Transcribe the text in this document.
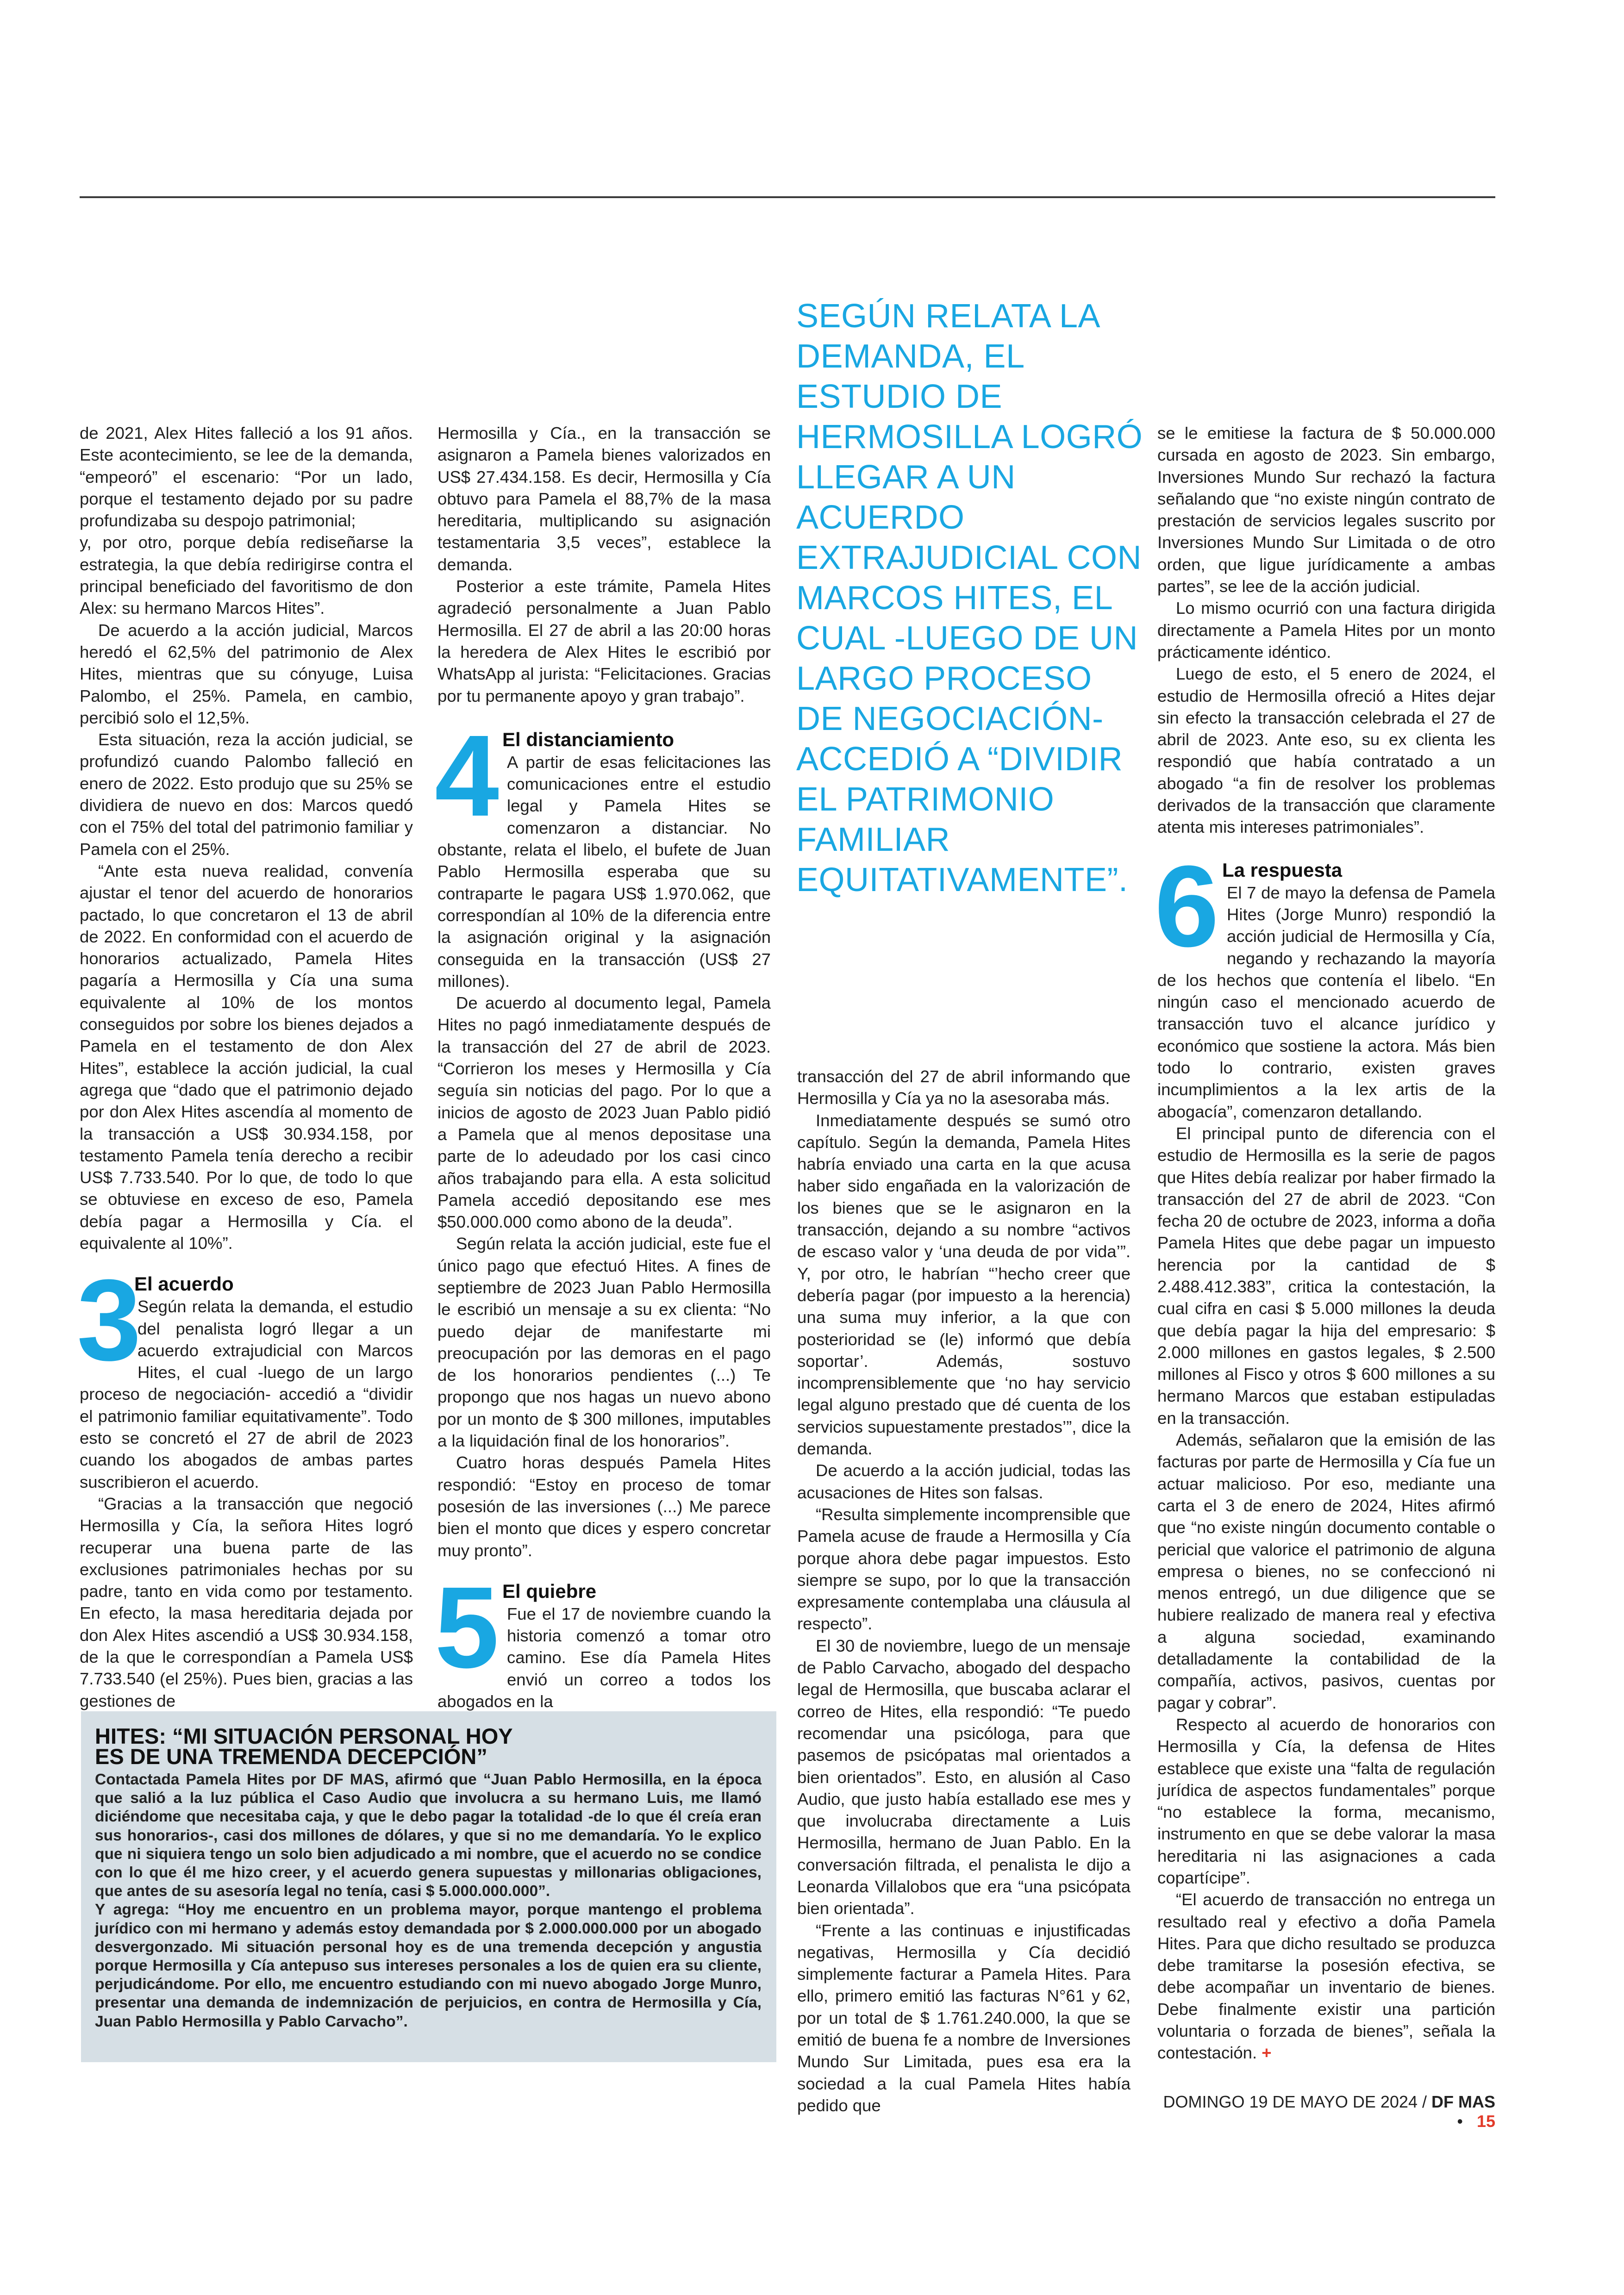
de 2021, Alex Hites falleció a los 91 años. Este acontecimiento, se lee de la demanda, “empeoró” el escenario: “Por un lado, porque el testamento dejado por su padre profundizaba su despojo patrimonial;

y, por otro, porque debía rediseñarse la estrategia, la que debía redirigirse contra el principal beneficiado del favoritismo de don Alex: su hermano Marcos Hites”.

De acuerdo a la acción judicial, Marcos heredó el 62,5% del patrimonio de Alex Hites, mientras que su cónyuge, Luisa Palombo, el 25%. Pamela, en cambio, percibió solo el 12,5%.

Esta situación, reza la acción judicial, se profundizó cuando Palombo falleció en enero de 2022. Esto produjo que su 25% se dividiera de nuevo en dos: Marcos quedó con el 75% del total del patrimonio familiar y Pamela con el 25%.

“Ante esta nueva realidad, convenía ajustar el tenor del acuerdo de honorarios pactado, lo que concretaron el 13 de abril de 2022. En conformidad con el acuerdo de honorarios actualizado, Pamela Hites pagaría a Hermosilla y Cía una suma equivalente al 10% de los montos conseguidos por sobre los bienes dejados a Pamela en el testamento de don Alex Hites”, establece la acción judicial, la cual agrega que “dado que el patrimonio dejado por don Alex Hites ascendía al momento de la transacción a US$ 30.934.158, por testamento Pamela tenía derecho a recibir US$ 7.733.540. Por lo que, de todo lo que se obtuviese en exceso de eso, Pamela debía pagar a Hermosilla y Cía. el equivalente al 10%”.

3
El acuerdo

Según relata la demanda, el estudio del penalista logró llegar a un acuerdo extrajudicial con Marcos Hites, el cual -luego de un largo proceso de negociación- accedió a “dividir el patrimonio familiar equitativamente”. Todo esto se concretó el 27 de abril de 2023 cuando los abogados de ambas partes suscribieron el acuerdo.

“Gracias a la transacción que negoció Hermosilla y Cía, la señora Hites logró recuperar una buena parte de las exclusiones patrimoniales hechas por su padre, tanto en vida como por testamento. En efecto, la masa hereditaria dejada por don Alex Hites ascendió a US$ 30.934.158, de la que le correspondían a Pamela US$ 7.733.540 (el 25%). Pues bien, gracias a las gestiones de

Hermosilla y Cía., en la transacción se asignaron a Pamela bienes valorizados en US$ 27.434.158. Es decir, Hermosilla y Cía obtuvo para Pamela el 88,7% de la masa hereditaria, multiplicando su asignación testamentaria 3,5 veces”, establece la demanda.

Posterior a este trámite, Pamela Hites agradeció personalmente a Juan Pablo Hermosilla. El 27 de abril a las 20:00 horas la heredera de Alex Hites le escribió por WhatsApp al jurista: “Felicitaciones. Gracias por tu permanente apoyo y gran trabajo”.

4 El distanciamiento

A partir de esas felicitaciones las comunicaciones entre el estudio legal y Pamela Hites se comenzaron a distanciar. No obstante, relata el libelo, el bufete de Juan Pablo Hermosilla esperaba que su contraparte le pagara US$ 1.970.062, que correspondían al 10% de la diferencia entre la asignación original y la asignación conseguida en la transacción (US$ 27 millones).

De acuerdo al documento legal, Pamela Hites no pagó inmediatamente después de la transacción del 27 de abril de 2023. “Corrieron los meses y Hermosilla y Cía seguía sin noticias del pago. Por lo que a inicios de agosto de 2023 Juan Pablo pidió a Pamela que al menos depositase una parte de lo adeudado por los casi cinco años trabajando para ella. A esta solicitud Pamela accedió depositando ese mes $50.000.000 como abono de la deuda”.

Según relata la acción judicial, este fue el único pago que efectuó Hites. A fines de septiembre de 2023 Juan Pablo Hermosilla le escribió un mensaje a su ex clienta: “No puedo dejar de manifestarte mi preocupación por las demoras en el pago de los honorarios pendientes (...) Te propongo que nos hagas un nuevo abono por un monto de $ 300 millones, imputables a la liquidación final de los honorarios”.

Cuatro horas después Pamela Hites respondió: “Estoy en proceso de tomar posesión de las inversiones (...) Me parece bien el monto que dices y espero concretar muy pronto”.

5 El quiebre

Fue el 17 de noviembre cuando la historia comenzó a tomar otro camino. Ese día Pamela Hites envió un correo a todos los abogados en la

SEGÚN RELATA LA DEMANDA, EL ESTUDIO DE HERMOSILLA LOGRÓ LLEGAR A UN ACUERDO EXTRAJUDICIAL CON MARCOS HITES, EL CUAL -LUEGO DE UN LARGO PROCESO DE NEGOCIACIÓN- ACCEDIÓ A “DIVIDIR EL PATRIMONIO FAMILIAR EQUITATIVAMENTE”.

transacción del 27 de abril informando que Hermosilla y Cía ya no la asesoraba más.

Inmediatamente después se sumó otro capítulo. Según la demanda, Pamela Hites habría enviado una carta en la que acusa haber sido engañada en la valorización de los bienes que se le asignaron en la transacción, dejando a su nombre “activos de escaso valor y ‘una deuda de por vida’”. Y, por otro, le habrían “’hecho creer que debería pagar (por impuesto a la herencia) una suma muy inferior, a la que con posterioridad se (le) informó que debía soportar’. Además, sostuvo incomprensiblemente que ‘no hay servicio legal alguno prestado que dé cuenta de los servicios supuestamente prestados’”, dice la demanda.

De acuerdo a la acción judicial, todas las acusaciones de Hites son falsas.

“Resulta simplemente incomprensible que Pamela acuse de fraude a Hermosilla y Cía porque ahora debe pagar impuestos. Esto siempre se supo, por lo que la transacción expresamente contemplaba una cláusula al respecto”.

El 30 de noviembre, luego de un mensaje de Pablo Carvacho, abogado del despacho legal de Hermosilla, que buscaba aclarar el correo de Hites, ella respondió: “Te puedo recomendar una psicóloga, para que pasemos de psicópatas mal orientados a bien orientados”. Esto, en alusión al Caso Audio, que justo había estallado ese mes y que involucraba directamente a Luis Hermosilla, hermano de Juan Pablo. En la conversación filtrada, el penalista le dijo a Leonarda Villalobos que era “una psicópata bien orientada”.

“Frente a las continuas e injustificadas negativas, Hermosilla y Cía decidió simplemente facturar a Pamela Hites. Para ello, primero emitió las facturas N°61 y 62, por un total de $ 1.761.240.000, la que se emitió de buena fe a nombre de Inversiones Mundo Sur Limitada, pues esa era la sociedad a la cual Pamela Hites había pedido que

se le emitiese la factura de $ 50.000.000 cursada en agosto de 2023. Sin embargo, Inversiones Mundo Sur rechazó la factura señalando que “no existe ningún contrato de prestación de servicios legales suscrito por Inversiones Mundo Sur Limitada o de otro orden, que ligue jurídicamente a ambas partes”, se lee de la acción judicial.

Lo mismo ocurrió con una factura dirigida directamente a Pamela Hites por un monto prácticamente idéntico.

Luego de esto, el 5 enero de 2024, el estudio de Hermosilla ofreció a Hites dejar sin efecto la transacción celebrada el 27 de abril de 2023. Ante eso, su ex clienta les respondió que había contratado a un abogado “a fin de resolver los problemas derivados de la transacción que claramente atenta mis intereses patrimoniales”.

6 La respuesta

El 7 de mayo la defensa de Pamela Hites (Jorge Munro) respondió la acción judicial de Hermosilla y Cía, negando y rechazando la mayoría de los hechos que contenía el libelo. “En ningún caso el mencionado acuerdo de transacción tuvo el alcance jurídico y económico que sostiene la actora. Más bien todo lo contrario, existen graves incumplimientos a la lex artis de la abogacía”, comenzaron detallando.

El principal punto de diferencia con el estudio de Hermosilla es la serie de pagos que Hites debía realizar por haber firmado la transacción del 27 de abril de 2023. “Con fecha 20 de octubre de 2023, informa a doña Pamela Hites que debe pagar un impuesto herencia por la cantidad de $ 2.488.412.383”, critica la contestación, la cual cifra en casi $ 5.000 millones la deuda que debía pagar la hija del empresario: $ 2.000 millones en gastos legales, $ 2.500 millones al Fisco y otros $ 600 millones a su hermano Marcos que estaban estipuladas en la transacción.

Además, señalaron que la emisión de las facturas por parte de Hermosilla y Cía fue un actuar malicioso. Por eso, mediante una carta el 3 de enero de 2024, Hites afirmó que “no existe ningún documento contable o pericial que valorice el patrimonio de alguna empresa o bienes, no se confeccionó ni menos entregó, un due diligence que se hubiere realizado de manera real y efectiva a alguna sociedad, examinando detalladamente la contabilidad de la compañía, activos, pasivos, cuentas por pagar y cobrar”.

Respecto al acuerdo de honorarios con Hermosilla y Cía, la defensa de Hites establece que existe una “falta de regulación jurídica de aspectos fundamentales” porque “no establece la forma, mecanismo, instrumento en que se debe valorar la masa hereditaria ni las asignaciones a cada copartícipe”.

“El acuerdo de transacción no entrega un resultado real y efectivo a doña Pamela Hites. Para que dicho resultado se produzca debe tramitarse la posesión efectiva, se debe acompañar un inventario de bienes. Debe finalmente existir una partición voluntaria o forzada de bienes”, señala la contestación. +

HITES: “MI SITUACIÓN PERSONAL HOY
ES DE UNA TREMENDA DECEPCIÓN”

Contactada Pamela Hites por DF MAS, afirmó que “Juan Pablo Hermosilla, en la época que salió a la luz pública el Caso Audio que involucra a su hermano Luis, me llamó diciéndome que necesitaba caja, y que le debo pagar la totalidad -de lo que él creía eran sus honorarios-, casi dos millones de dólares, y que si no me demandaría. Yo le explico que ni siquiera tengo un solo bien adjudicado a mi nombre, que el acuerdo no se condice con lo que él me hizo creer, y el acuerdo genera supuestas y millonarias obligaciones, que antes de su asesoría legal no tenía, casi $ 5.000.000.000”.

Y agrega: “Hoy me encuentro en un problema mayor, porque mantengo el problema jurídico con mi hermano y además estoy demandada por $ 2.000.000.000 por un abogado desvergonzado. Mi situación personal hoy es de una tremenda decepción y angustia porque Hermosilla y Cía antepuso sus intereses personales a los de quien era su cliente, perjudicándome. Por ello, me encuentro estudiando con mi nuevo abogado Jorge Munro, presentar una demanda de indemnización de perjuicios, en contra de Hermosilla y Cía, Juan Pablo Hermosilla y Pablo Carvacho”.

DOMINGO 19 DE MAYO DE 2024 / DF MAS • 15
